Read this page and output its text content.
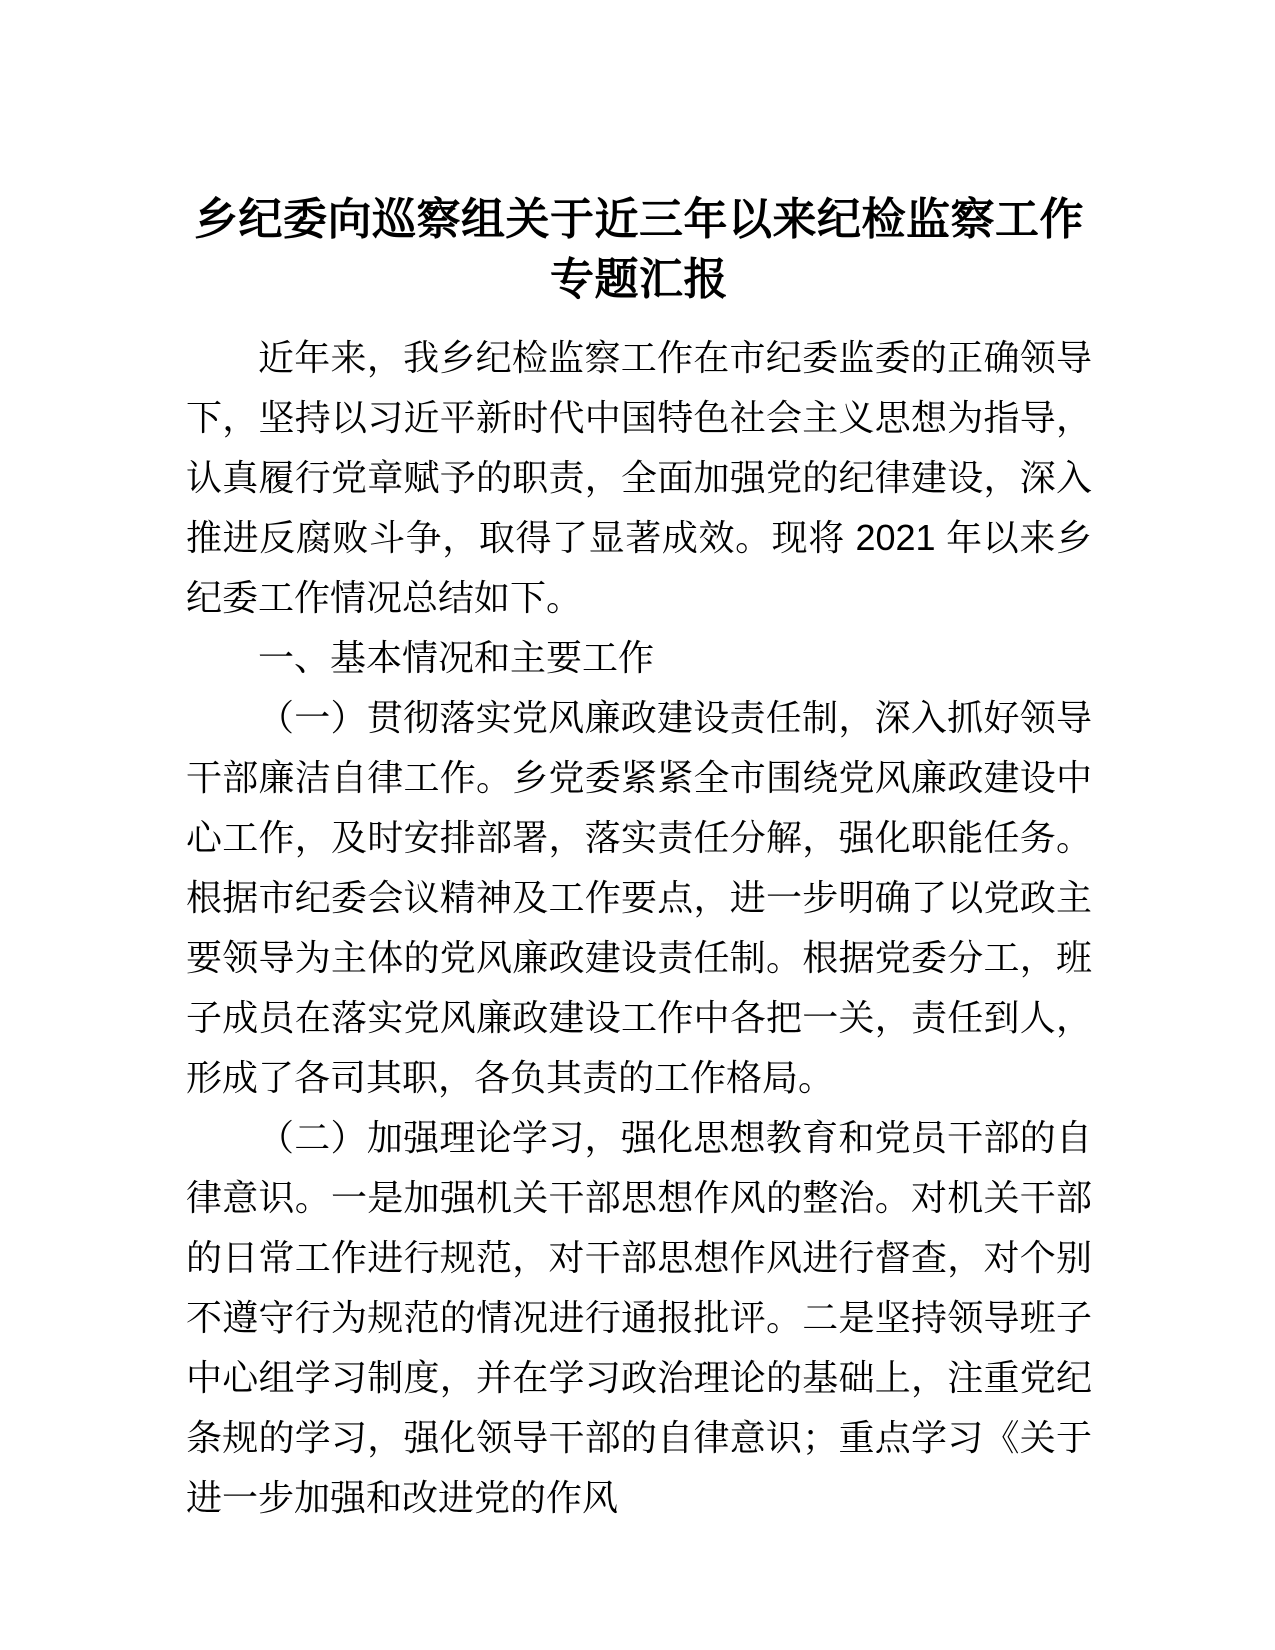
乡纪委向巡察组关于近三年以来纪检监察工作专题汇报

近年来，我乡纪检监察工作在市纪委监委的正确领导下，坚持以习近平新时代中国特色社会主义思想为指导，认真履行党章赋予的职责，全面加强党的纪律建设，深入推进反腐败斗争，取得了显著成效。现将 2021 年以来乡纪委工作情况总结如下。

一、基本情况和主要工作

（一）贯彻落实党风廉政建设责任制，深入抓好领导干部廉洁自律工作。乡党委紧紧全市围绕党风廉政建设中心工作，及时安排部署，落实责任分解，强化职能任务。根据市纪委会议精神及工作要点，进一步明确了以党政主要领导为主体的党风廉政建设责任制。根据党委分工，班子成员在落实党风廉政建设工作中各把一关，责任到人，形成了各司其职，各负其责的工作格局。

（二）加强理论学习，强化思想教育和党员干部的自律意识。一是加强机关干部思想作风的整治。对机关干部的日常工作进行规范，对干部思想作风进行督查，对个别不遵守行为规范的情况进行通报批评。二是坚持领导班子中心组学习制度，并在学习政治理论的基础上，注重党纪条规的学习，强化领导干部的自律意识；重点学习《关于进一步加强和改进党的作风
